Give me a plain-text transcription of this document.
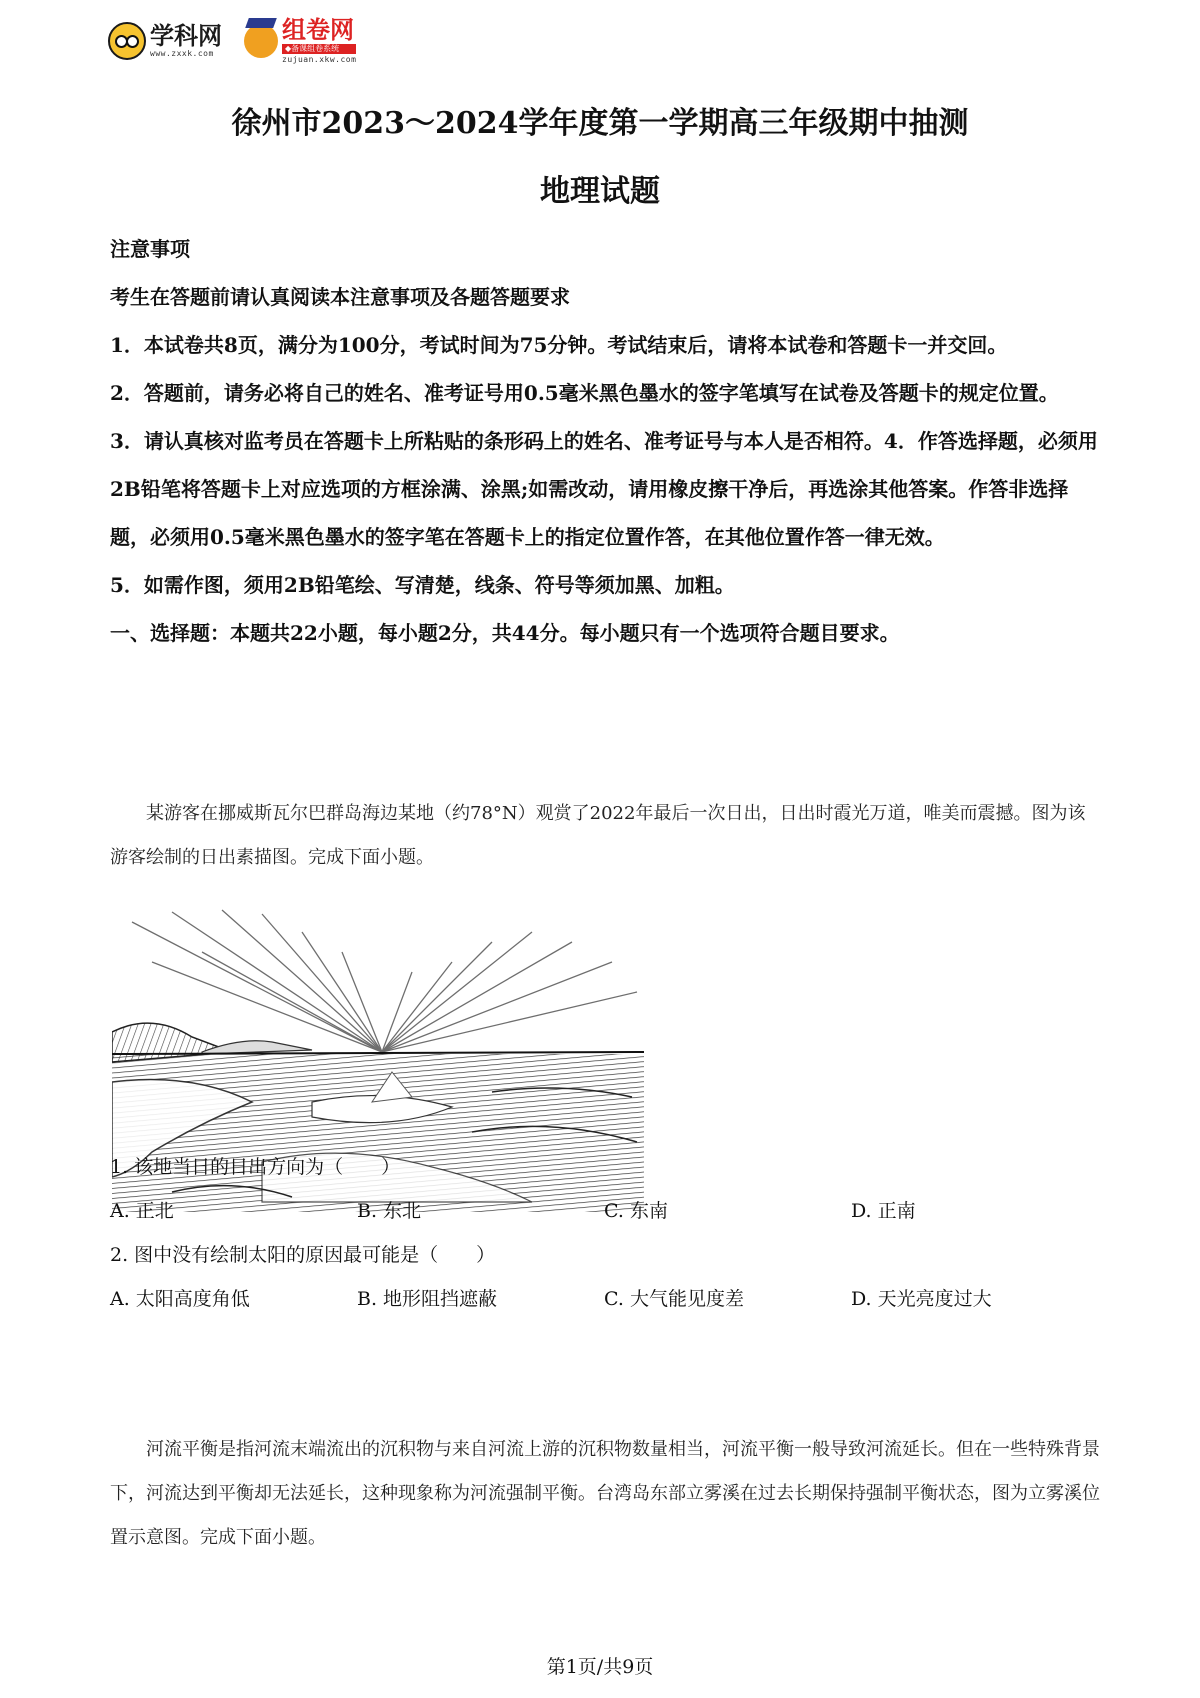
学科网
www.zxxk.com
组卷网
◆备课组卷系统
zujuan.xkw.com
徐州市2023～2024学年度第一学期高三年级期中抽测
地理试题

注意事项

考生在答题前请认真阅读本注意事项及各题答题要求

1．本试卷共8页，满分为100分，考试时间为75分钟。考试结束后，请将本试卷和答题卡一并交回。

2．答题前，请务必将自己的姓名、准考证号用0.5毫米黑色墨水的签字笔填写在试卷及答题卡的规定位置。

3．请认真核对监考员在答题卡上所粘贴的条形码上的姓名、准考证号与本人是否相符。4．作答选择题，必须用2B铅笔将答题卡上对应选项的方框涂满、涂黑;如需改动，请用橡皮擦干净后，再选涂其他答案。作答非选择题，必须用0.5毫米黑色墨水的签字笔在答题卡上的指定位置作答，在其他位置作答一律无效。

5．如需作图，须用2B铅笔绘、写清楚，线条、符号等须加黑、加粗。

一、选择题：本题共22小题，每小题2分，共44分。每小题只有一个选项符合题目要求。

某游客在挪威斯瓦尔巴群岛海边某地（约78°N）观赏了2022年最后一次日出，日出时霞光万道，唯美而震撼。图为该游客绘制的日出素描图。完成下面小题。

1. 该地当日的日出方向为（　　）

A. 正北	B. 东北	C. 东南	D. 正南

2. 图中没有绘制太阳的原因最可能是（　　）

A. 太阳高度角低	B. 地形阻挡遮蔽	C. 大气能见度差	D. 天光亮度过大

河流平衡是指河流末端流出的沉积物与来自河流上游的沉积物数量相当，河流平衡一般导致河流延长。但在一些特殊背景下，河流达到平衡却无法延长，这种现象称为河流强制平衡。台湾岛东部立雾溪在过去长期保持强制平衡状态，图为立雾溪位置示意图。完成下面小题。

第1页/共9页
